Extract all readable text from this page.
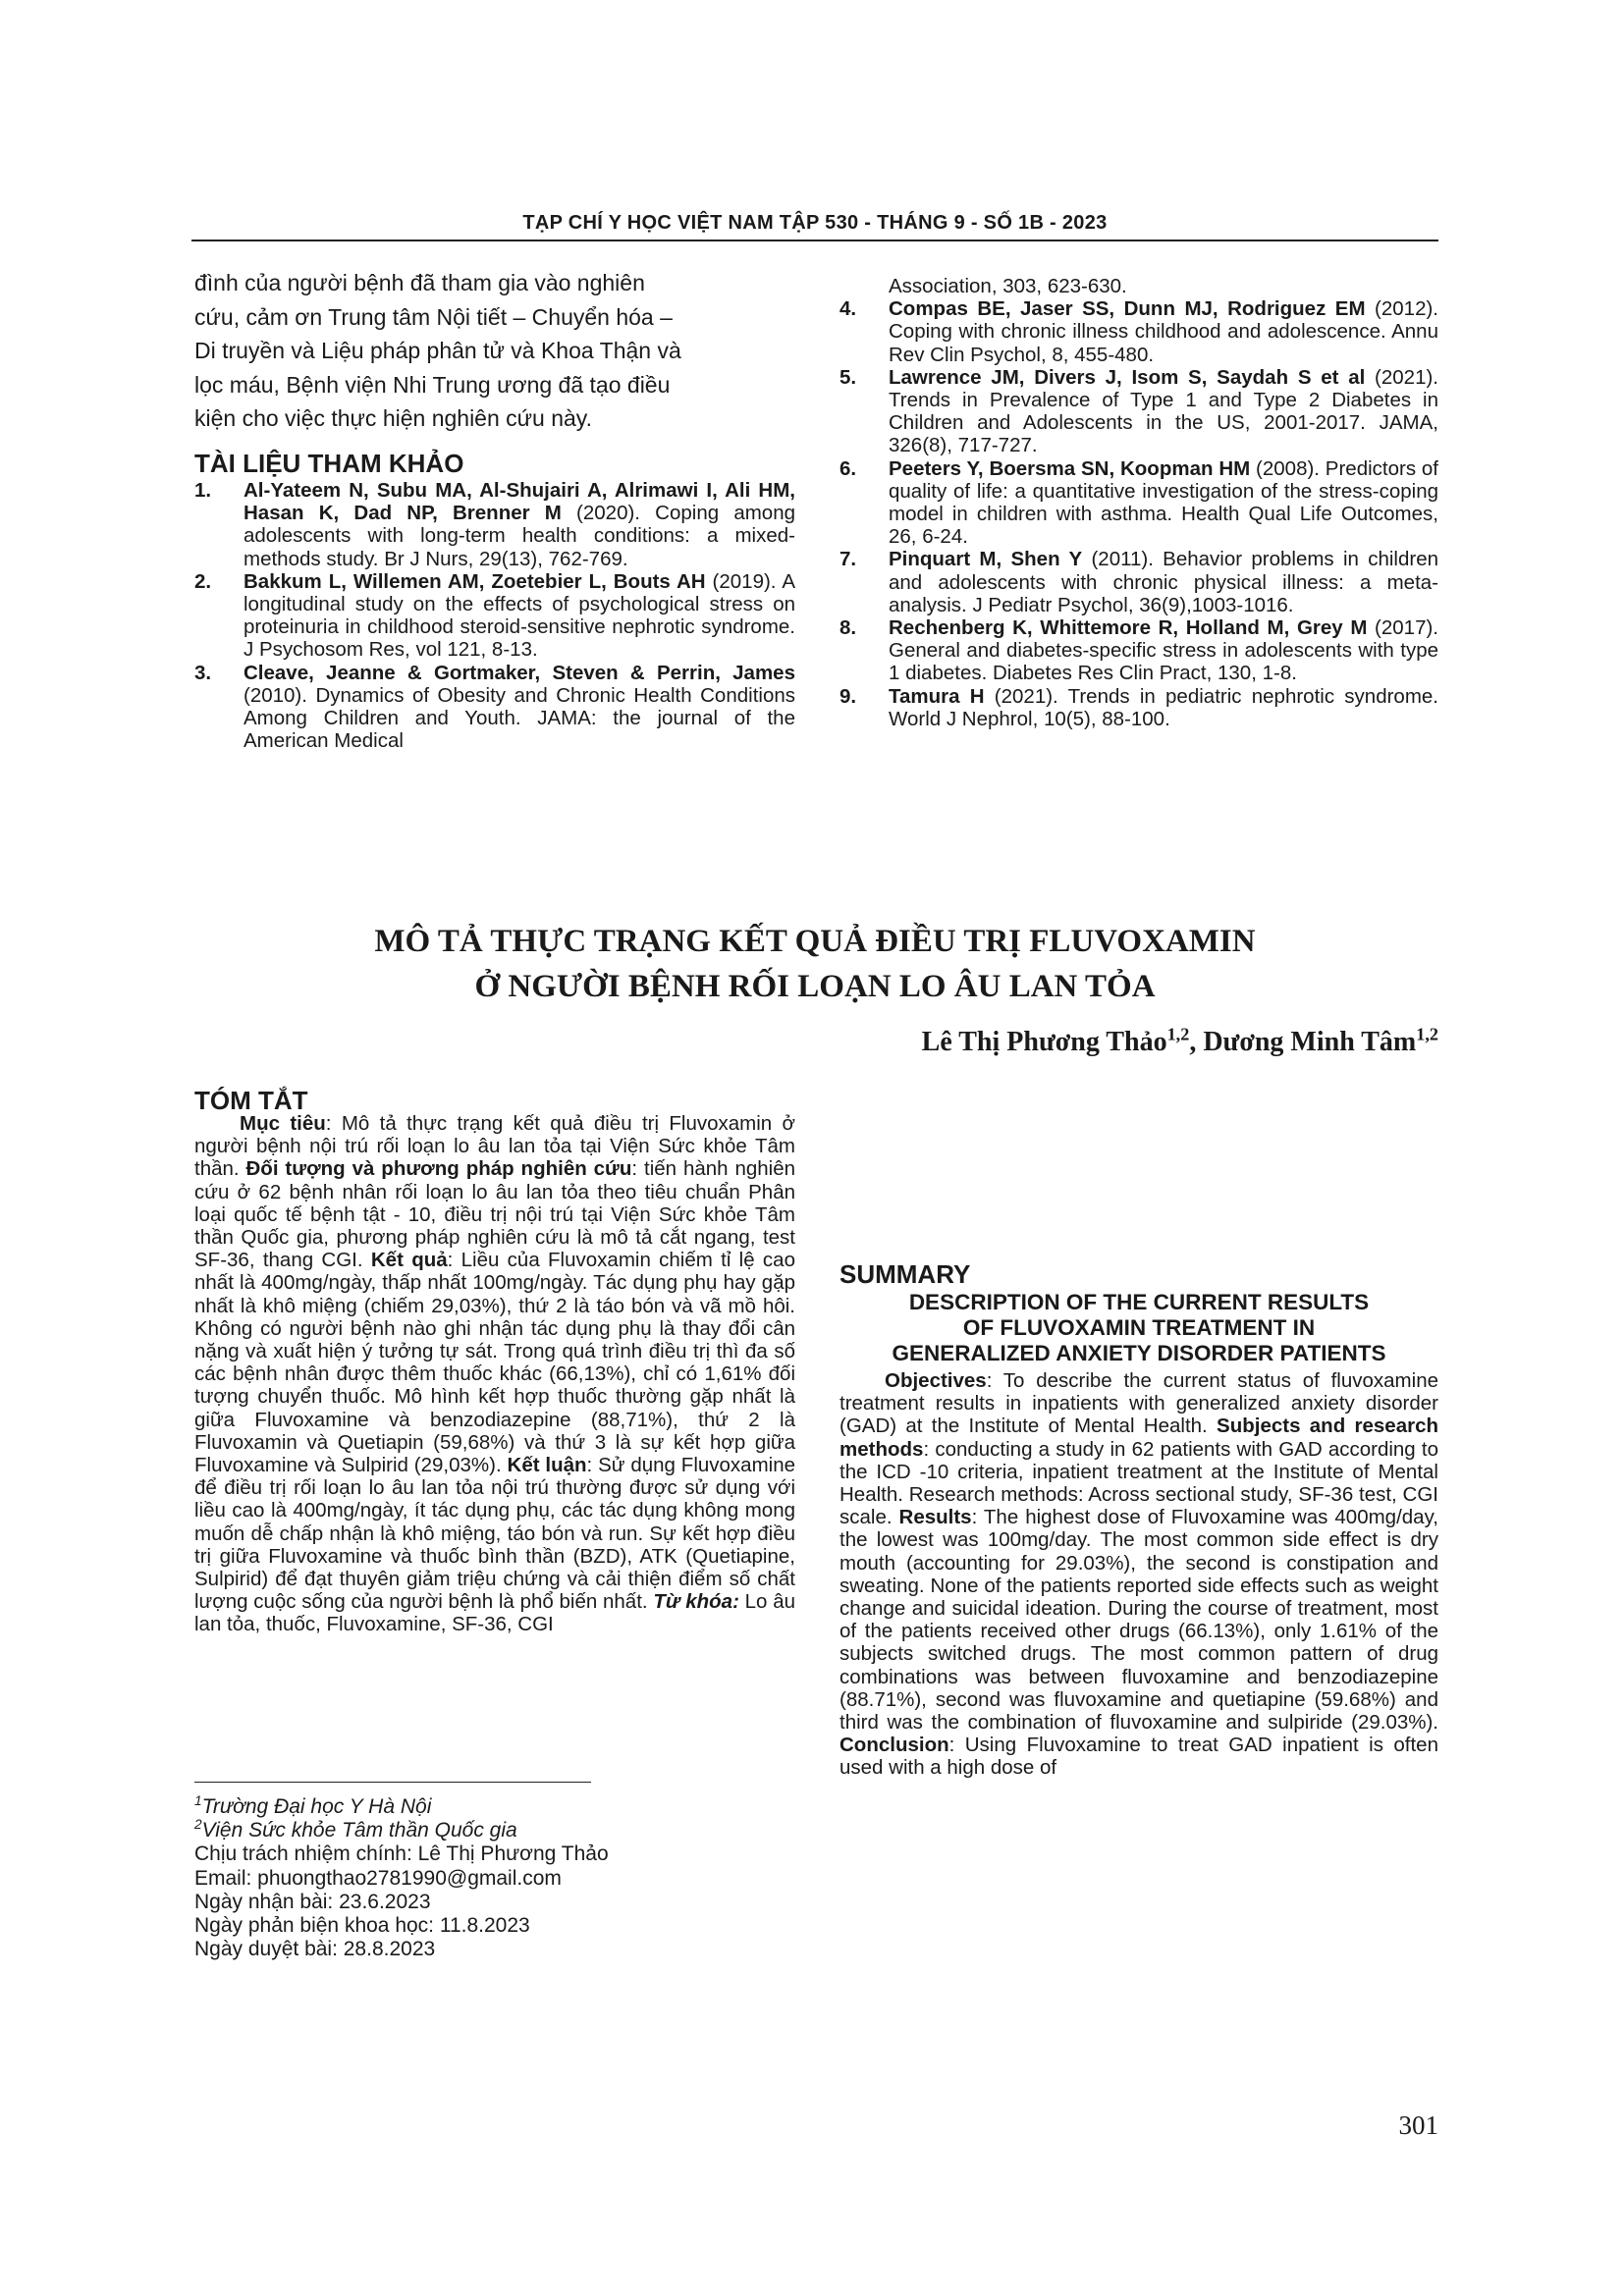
TẠP CHÍ Y HỌC VIỆT NAM TẬP 530 - THÁNG 9 - SỐ 1B - 2023
đình của người bệnh đã tham gia vào nghiên
cứu, cảm ơn Trung tâm Nội tiết – Chuyển hóa –
Di truyền và Liệu pháp phân tử và Khoa Thận và
lọc máu, Bệnh viện Nhi Trung ương đã tạo điều
kiện cho việc thực hiện nghiên cứu này.
TÀI LIỆU THAM KHẢO
1.	Al-Yateem N, Subu MA, Al-Shujairi A, Alrimawi I, Ali HM, Hasan K, Dad NP, Brenner M (2020). Coping among adolescents with long-term health conditions: a mixed-methods study. Br J Nurs, 29(13), 762-769.
2.	Bakkum L, Willemen AM, Zoetebier L, Bouts AH (2019). A longitudinal study on the effects of psychological stress on proteinuria in childhood steroid-sensitive nephrotic syndrome. J Psychosom Res, vol 121, 8-13.
3.	Cleave, Jeanne & Gortmaker, Steven & Perrin, James (2010). Dynamics of Obesity and Chronic Health Conditions Among Children and Youth. JAMA: the journal of the American Medical
Association, 303, 623-630.
4.	Compas BE, Jaser SS, Dunn MJ, Rodriguez EM (2012). Coping with chronic illness childhood and adolescence. Annu Rev Clin Psychol, 8, 455-480.
5.	Lawrence JM, Divers J, Isom S, Saydah S et al (2021). Trends in Prevalence of Type 1 and Type 2 Diabetes in Children and Adolescents in the US, 2001-2017. JAMA, 326(8), 717-727.
6.	Peeters Y, Boersma SN, Koopman HM (2008). Predictors of quality of life: a quantitative investigation of the stress-coping model in children with asthma. Health Qual Life Outcomes, 26, 6-24.
7.	Pinquart M, Shen Y (2011). Behavior problems in children and adolescents with chronic physical illness: a meta-analysis. J Pediatr Psychol, 36(9),1003-1016.
8.	Rechenberg K, Whittemore R, Holland M, Grey M (2017). General and diabetes-specific stress in adolescents with type 1 diabetes. Diabetes Res Clin Pract, 130, 1-8.
9.	Tamura H (2021). Trends in pediatric nephrotic syndrome. World J Nephrol, 10(5), 88-100.
MÔ TẢ THỰC TRẠNG KẾT QUẢ ĐIỀU TRỊ FLUVOXAMIN
Ở NGƯỜI BỆNH RỐI LOẠN LO ÂU LAN TỎA
Lê Thị Phương Thảo$^{1,2}$, Dương Minh Tâm$^{1,2}$
TÓM TẮT
Mục tiêu: Mô tả thực trạng kết quả điều trị Fluvoxamin ở người bệnh nội trú rối loạn lo âu lan tỏa tại Viện Sức khỏe Tâm thần. Đối tượng và phương pháp nghiên cứu: tiến hành nghiên cứu ở 62 bệnh nhân rối loạn lo âu lan tỏa theo tiêu chuẩn Phân loại quốc tế bệnh tật - 10, điều trị nội trú tại Viện Sức khỏe Tâm thần Quốc gia, phương pháp nghiên cứu là mô tả cắt ngang, test SF-36, thang CGI. Kết quả: Liều của Fluvoxamin chiếm tỉ lệ cao nhất là 400mg/ngày, thấp nhất 100mg/ngày. Tác dụng phụ hay gặp nhất là khô miệng (chiếm 29,03%), thứ 2 là táo bón và vã mồ hôi. Không có người bệnh nào ghi nhận tác dụng phụ là thay đổi cân nặng và xuất hiện ý tưởng tự sát. Trong quá trình điều trị thì đa số các bệnh nhân được thêm thuốc khác (66,13%), chỉ có 1,61% đối tượng chuyển thuốc. Mô hình kết hợp thuốc thường gặp nhất là giữa Fluvoxamine và benzodiazepine (88,71%), thứ 2 là Fluvoxamin và Quetiapin (59,68%) và thứ 3 là sự kết hợp giữa Fluvoxamine và Sulpirid (29,03%). Kết luận: Sử dụng Fluvoxamine để điều trị rối loạn lo âu lan tỏa nội trú thường được sử dụng với liều cao là 400mg/ngày, ít tác dụng phụ, các tác dụng không mong muốn dễ chấp nhận là khô miệng, táo bón và run. Sự kết hợp điều trị giữa Fluvoxamine và thuốc bình thần (BZD), ATK (Quetiapine, Sulpirid) để đạt thuyên giảm triệu chứng và cải thiện điểm số chất lượng cuộc sống của người bệnh là phổ biến nhất. Từ khóa: Lo âu lan tỏa, thuốc, Fluvoxamine, SF-36, CGI
SUMMARY
DESCRIPTION OF THE CURRENT RESULTS
OF FLUVOXAMIN TREATMENT IN
GENERALIZED ANXIETY DISORDER PATIENTS
Objectives: To describe the current status of fluvoxamine treatment results in inpatients with generalized anxiety disorder (GAD) at the Institute of Mental Health. Subjects and research methods: conducting a study in 62 patients with GAD according to the ICD -10 criteria, inpatient treatment at the Institute of Mental Health. Research methods: Across sectional study, SF-36 test, CGI scale. Results: The highest dose of Fluvoxamine was 400mg/day, the lowest was 100mg/day. The most common side effect is dry mouth (accounting for 29.03%), the second is constipation and sweating. None of the patients reported side effects such as weight change and suicidal ideation. During the course of treatment, most of the patients received other drugs (66.13%), only 1.61% of the subjects switched drugs. The most common pattern of drug combinations was between fluvoxamine and benzodiazepine (88.71%), second was fluvoxamine and quetiapine (59.68%) and third was the combination of fluvoxamine and sulpiride (29.03%). Conclusion: Using Fluvoxamine to treat GAD inpatient is often used with a high dose of
$^1$Trường Đại học Y Hà Nội
$^2$Viện Sức khỏe Tâm thần Quốc gia
Chịu trách nhiệm chính: Lê Thị Phương Thảo
Email: phuongthao2781990@gmail.com
Ngày nhận bài: 23.6.2023
Ngày phản biện khoa học: 11.8.2023
Ngày duyệt bài: 28.8.2023
301
